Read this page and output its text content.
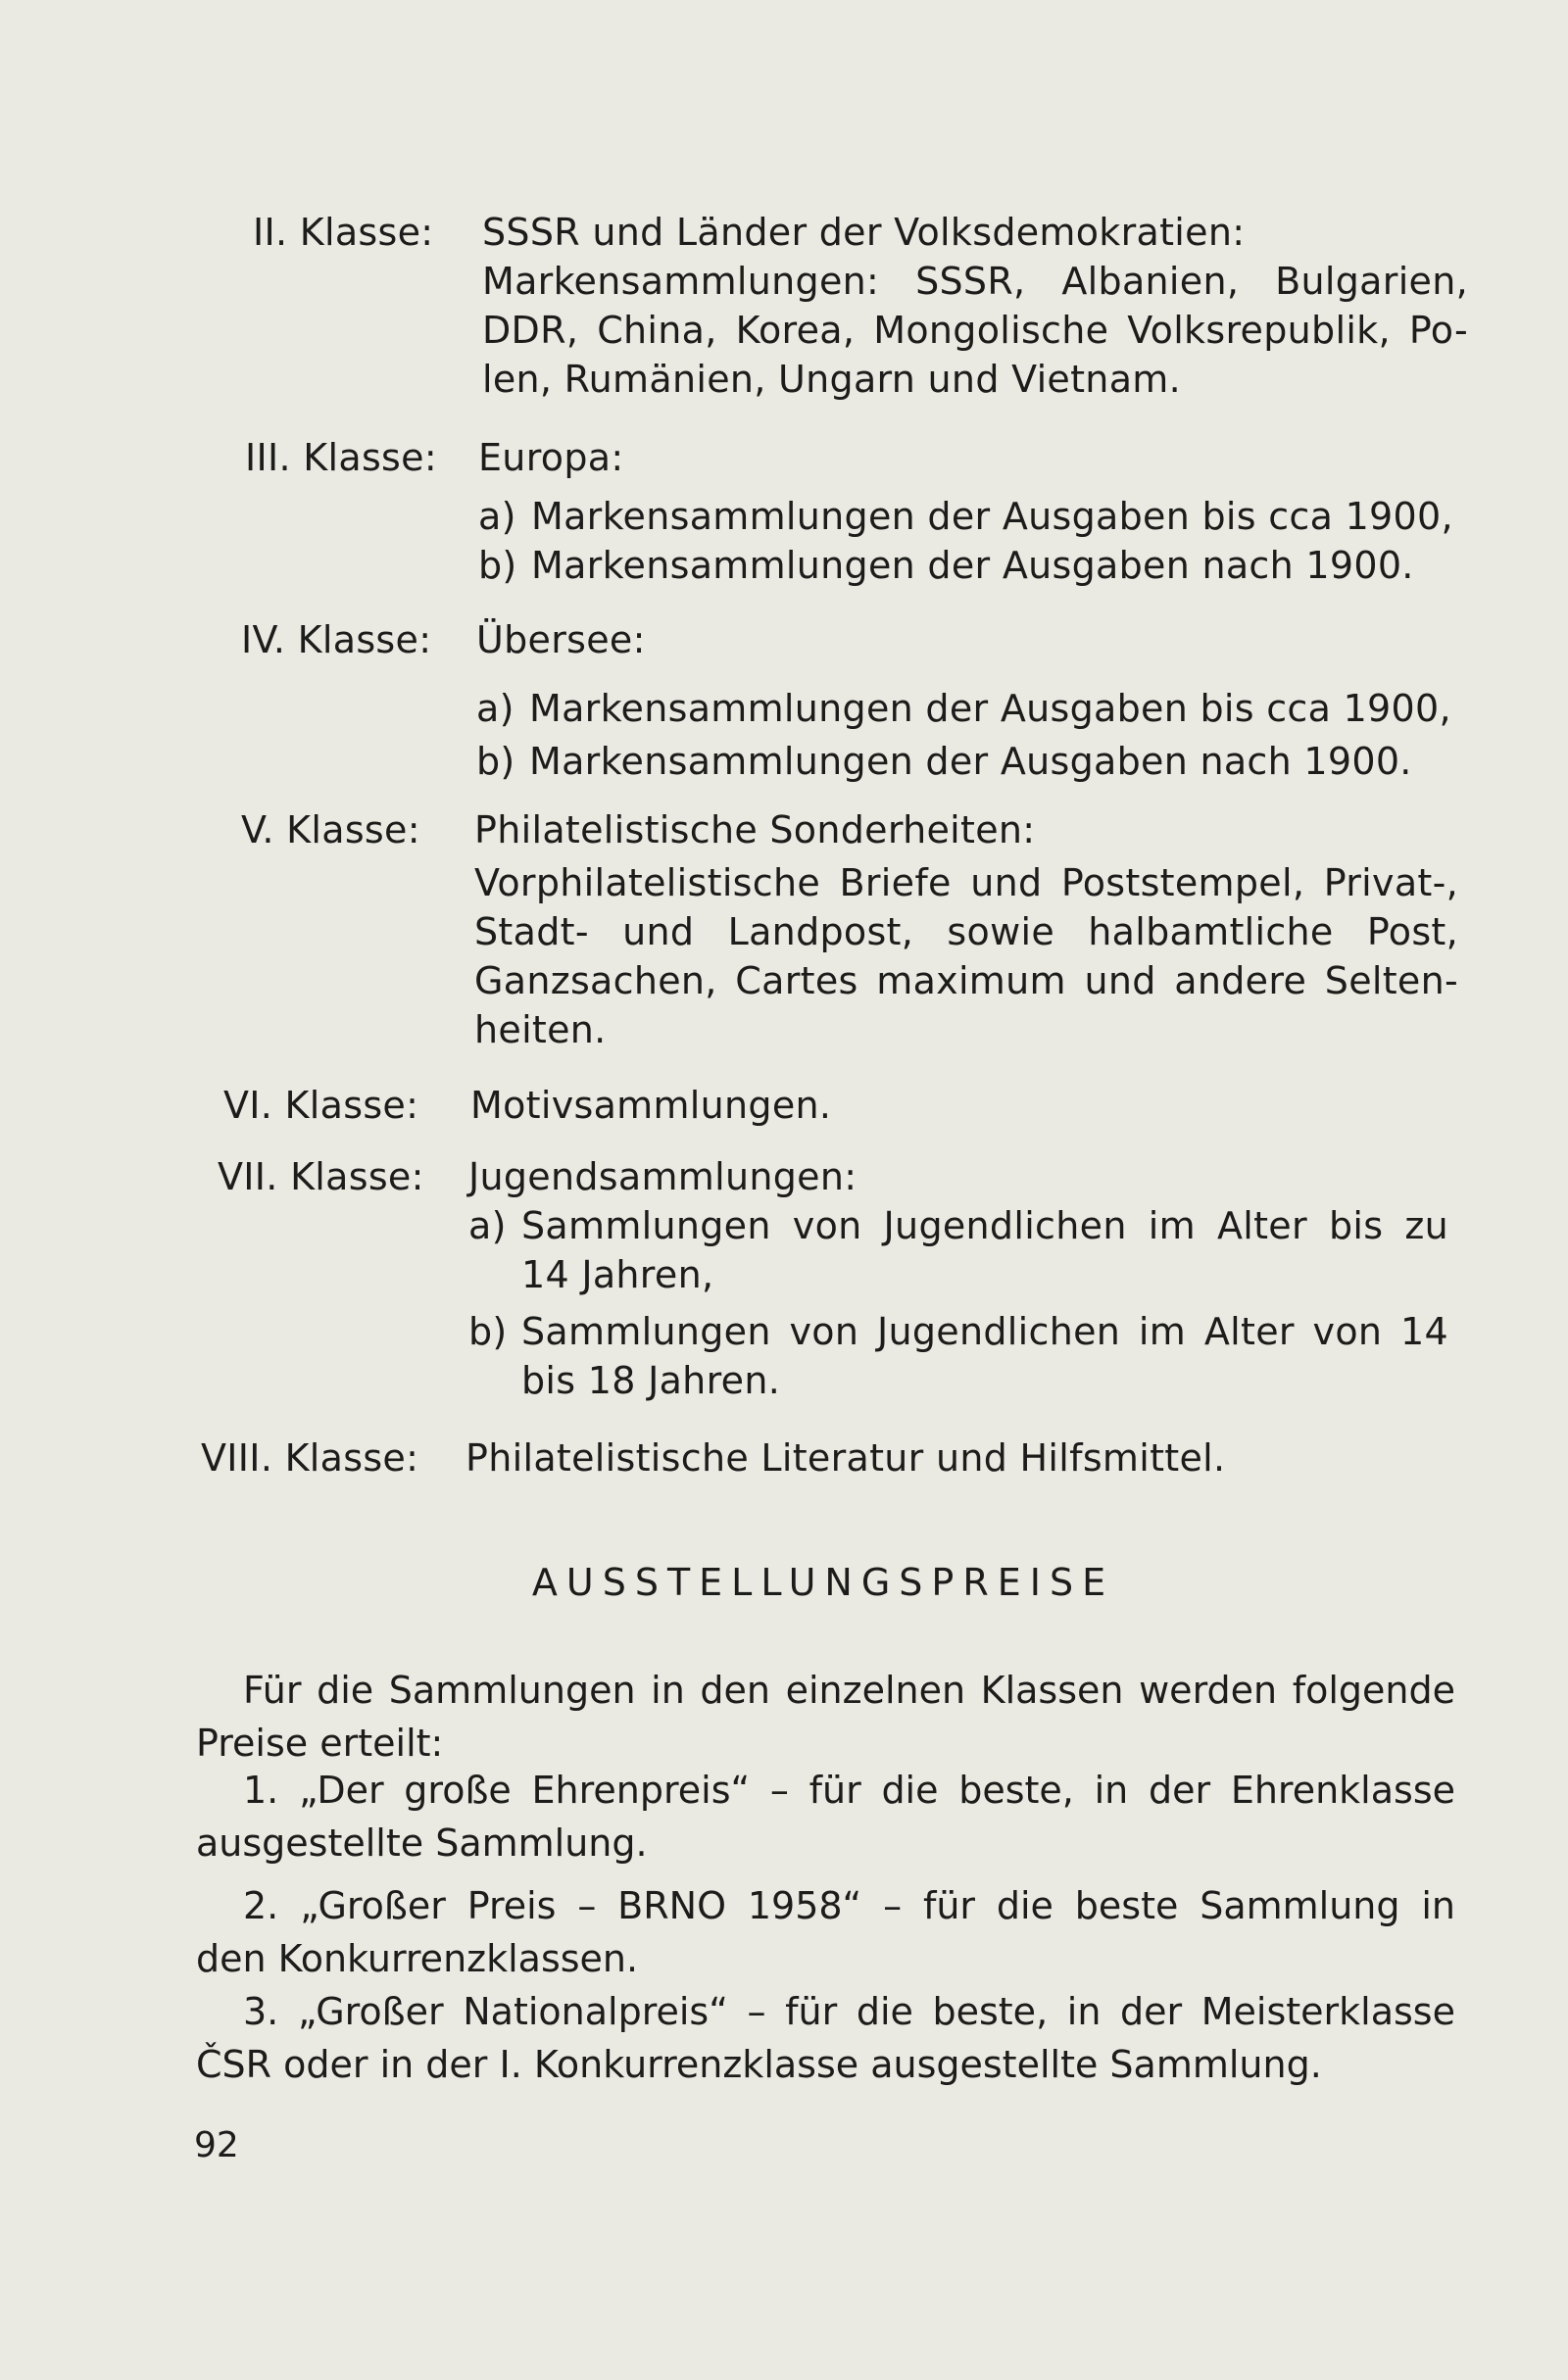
II. Klasse: SSSR und Länder der Volksdemokratien:
Markensammlungen: SSSR, Albanien, Bulgarien,
DDR, China, Korea, Mongolische Volksrepublik, Po-
len, Rumänien, Ungarn und Vietnam.
III. Klasse: Europa:
a) Markensammlungen der Ausgaben bis cca 1900,
b) Markensammlungen der Ausgaben nach 1900.
IV. Klasse: Übersee:
a) Markensammlungen der Ausgaben bis cca 1900,
b) Markensammlungen der Ausgaben nach 1900.
V. Klasse: Philatelistische Sonderheiten:
Vorphilatelistische Briefe und Poststempel, Privat-,
Stadt- und Landpost, sowie halbamtliche Post,
Ganzsachen, Cartes maximum und andere Selten-
heiten.
VI. Klasse: Motivsammlungen.
VII. Klasse: Jugendsammlungen:
a) Sammlungen von Jugendlichen im Alter bis zu
14 Jahren,
b) Sammlungen von Jugendlichen im Alter von 14
bis 18 Jahren.
VIII. Klasse: Philatelistische Literatur und Hilfsmittel.
AUSSTELLUNGSPREISE
Für die Sammlungen in den einzelnen Klassen werden folgende
Preise erteilt:
1. „Der große Ehrenpreis“ – für die beste, in der Ehrenklasse
ausgestellte Sammlung.
2. „Großer Preis – BRNO 1958“ – für die beste Sammlung in
den Konkurrenzklassen.
3. „Großer Nationalpreis“ – für die beste, in der Meisterklasse
ČSR oder in der I. Konkurrenzklasse ausgestellte Sammlung.
92
